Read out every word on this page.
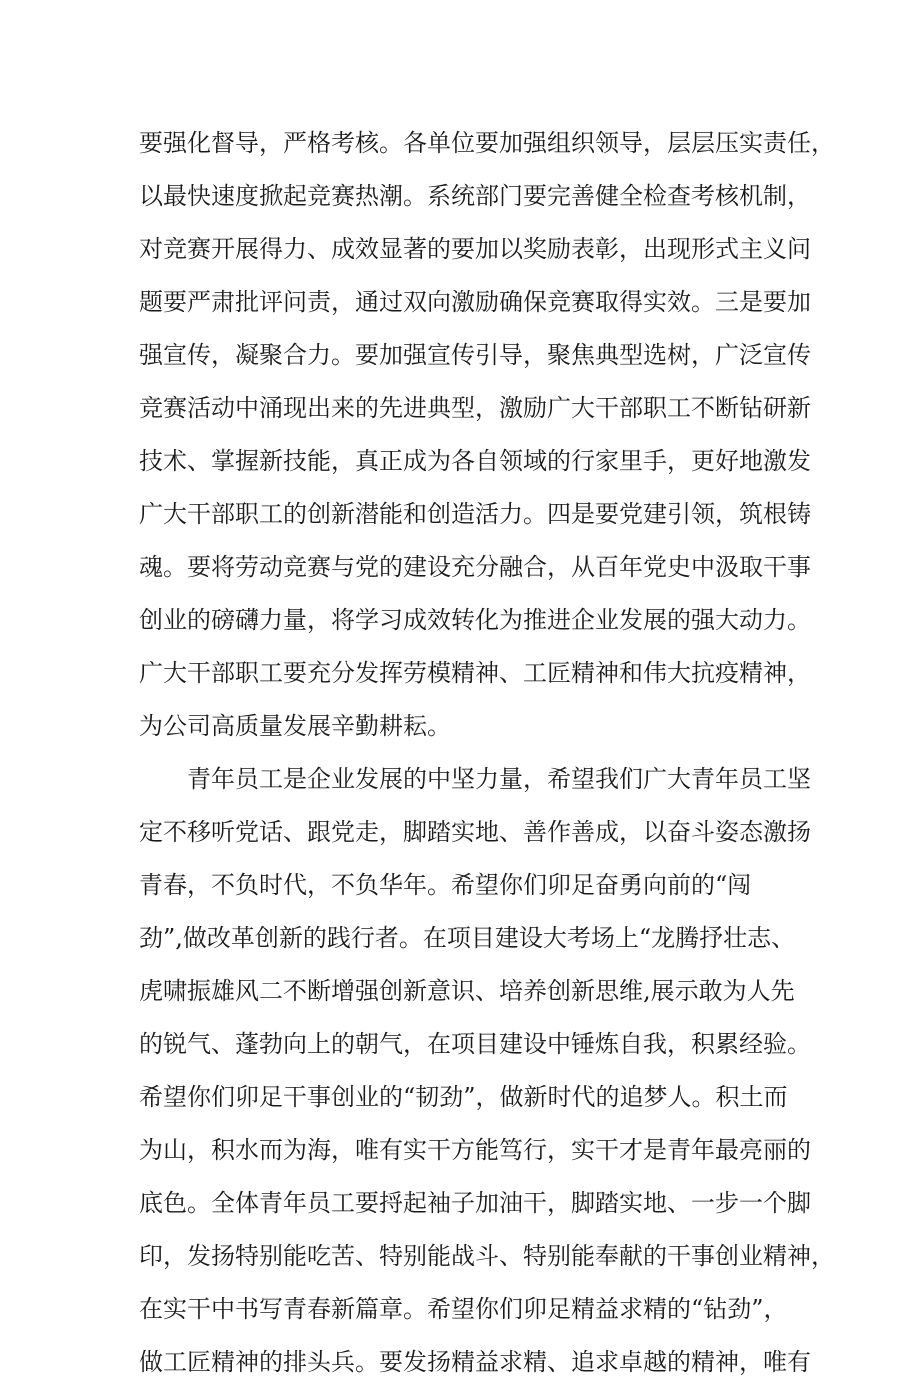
要强化督导，严格考核。各单位要加强组织领导，层层压实责任，
以最快速度掀起竞赛热潮。系统部门要完善健全检查考核机制，
对竞赛开展得力、成效显著的要加以奖励表彰，出现形式主义问
题要严肃批评问责，通过双向激励确保竞赛取得实效。三是要加
强宣传，凝聚合力。要加强宣传引导，聚焦典型选树，广泛宣传
竞赛活动中涌现出来的先进典型，激励广大干部职工不断钻研新
技术、掌握新技能，真正成为各自领域的行家里手，更好地激发
广大干部职工的创新潜能和创造活力。四是要党建引领，筑根铸
魂。要将劳动竞赛与党的建设充分融合，从百年党史中汲取干事
创业的磅礴力量，将学习成效转化为推进企业发展的强大动力。
广大干部职工要充分发挥劳模精神、工匠精神和伟大抗疫精神，
为公司高质量发展辛勤耕耘。
青年员工是企业发展的中坚力量，希望我们广大青年员工坚
定不移听党话、跟党走，脚踏实地、善作善成，以奋斗姿态激扬
青春，不负时代，不负华年。希望你们卯足奋勇向前的“闯
劲”,做改革创新的践行者。在项目建设大考场上“龙腾抒壮志、
虎啸振雄风二不断增强创新意识、培养创新思维,展示敢为人先
的锐气、蓬勃向上的朝气，在项目建设中锤炼自我，积累经验。
希望你们卯足干事创业的“韧劲”，做新时代的追梦人。积土而
为山，积水而为海，唯有实干方能笃行，实干才是青年最亮丽的
底色。全体青年员工要捋起袖子加油干，脚踏实地、一步一个脚
印，发扬特别能吃苦、特别能战斗、特别能奉献的干事创业精神，
在实干中书写青春新篇章。希望你们卯足精益求精的“钻劲”，
做工匠精神的排头兵。要发扬精益求精、追求卓越的精神，唯有
